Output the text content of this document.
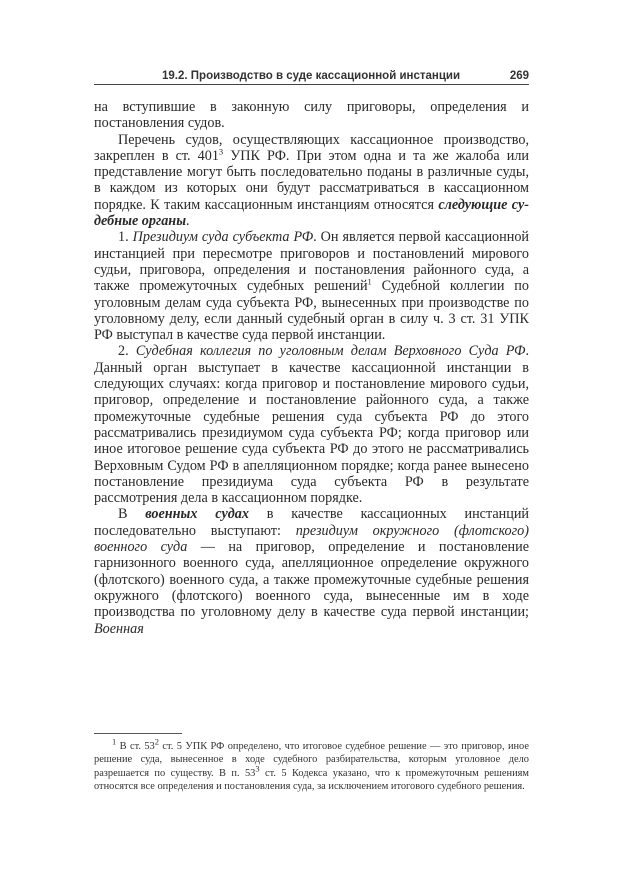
19.2. Производство в суде кассационной инстанции	269

на вступившие в законную силу приговоры, определения и постановления судов.

Перечень судов, осуществляющих кассационное производство, закреплен в ст. $401^3$ УПК РФ. При этом одна и та же жалоба или представление могут быть последовательно поданы в различные суды, в каждом из которых они будут рассматриваться в кассационном порядке. К таким кассационным инстанциям относятся следующие судебные органы.

1. Президиум суда субъекта РФ. Он является первой кассационной инстанцией при пересмотре приговоров и постановлений мирового судьи, приговора, определения и постановления районного суда, а также промежуточных судебных решений$^1$ Судебной коллегии по уголовным делам суда субъекта РФ, вынесенных при производстве по уголовному делу, если данный судебный орган в силу ч. 3 ст. 31 УПК РФ выступал в качестве суда первой инстанции.

2. Судебная коллегия по уголовным делам Верховного Суда РФ. Данный орган выступает в качестве кассационной инстанции в следующих случаях: когда приговор и постановление мирового судьи, приговор, определение и постановление районного суда, а также промежуточные судебные решения суда субъекта РФ до этого рассматривались президиумом суда субъекта РФ; когда приговор или иное итоговое решение суда субъекта РФ до этого не рассматривались Верховным Судом РФ в апелляционном порядке; когда ранее вынесено постановление президиума суда субъекта РФ в результате рассмотрения дела в кассационном порядке.

В военных судах в качестве кассационных инстанций последовательно выступают: президиум окружного (флотского) военного суда — на приговор, определение и постановление гарнизонного военного суда, апелляционное определение окружного (флотского) военного суда, а также промежуточные судебные решения окружного (флотского) военного суда, вынесенные им в ходе производства по уголовному делу в качестве суда первой инстанции; Военная

$^1$ В ст. $53^2$ ст. 5 УПК РФ определено, что итоговое судебное решение — это приговор, иное решение суда, вынесенное в ходе судебного разбирательства, которым уголовное дело разрешается по существу. В п. $53^3$ ст. 5 Кодекса указано, что к промежуточным решениям относятся все определения и постановления суда, за исключением итогового судебного решения.
